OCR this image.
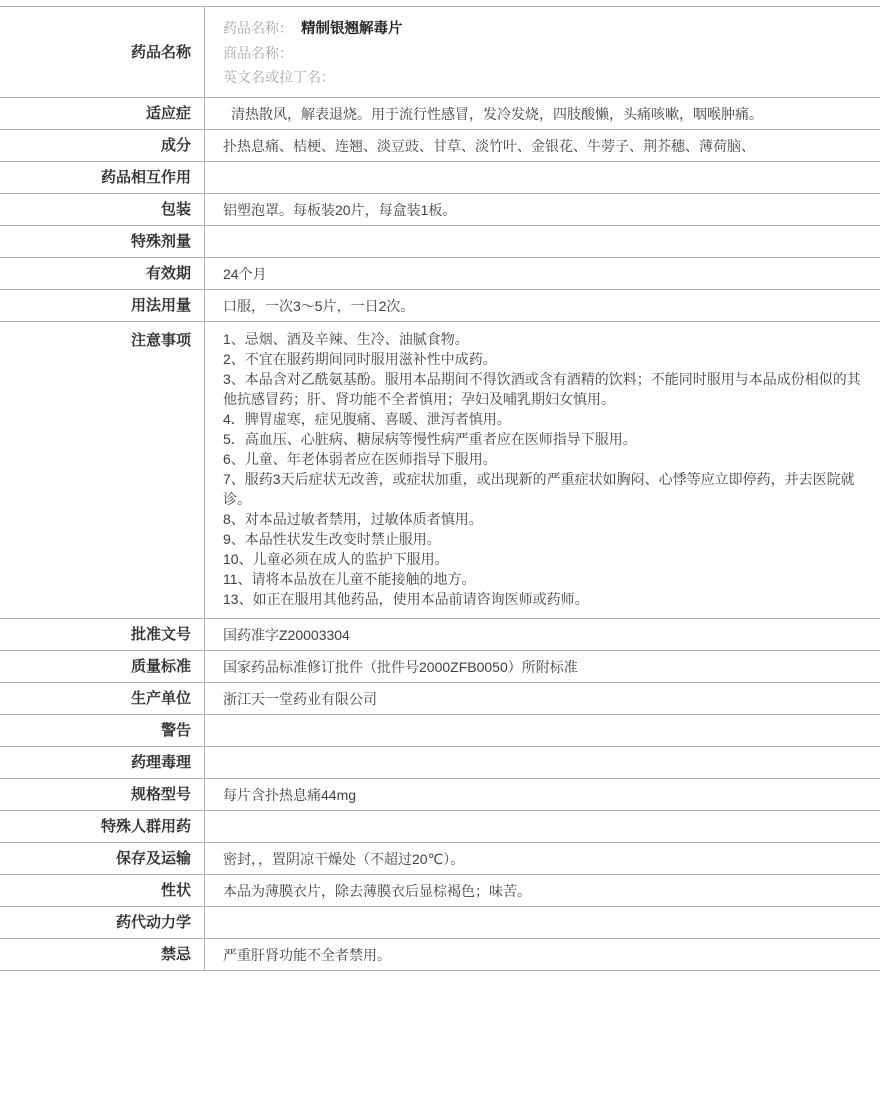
药品名称
药品名称： 精制银翘解毒片
商品名称：
英文名或拉丁名：
适应症	清热散风，解表退烧。用于流行性感冒，发冷发烧，四肢酸懒，头痛咳嗽，咽喉肿痛。
成分	扑热息痛、桔梗、连翘、淡豆豉、甘草、淡竹叶、金银花、牛蒡子、荆芥穗、薄荷脑、
药品相互作用
包装	铝塑泡罩。每板装20片，每盒装1板。
特殊剂量
有效期	24个月
用法用量	口服，一次3～5片，一日2次。
注意事项	1、忌烟、酒及辛辣、生冷、油腻食物。
2、不宜在服药期间同时服用滋补性中成药。
3、本品含对乙酰氨基酚。服用本品期间不得饮酒或含有酒精的饮料；不能同时服用与本品成份相似的其他抗感冒药；肝、肾功能不全者慎用；孕妇及哺乳期妇女慎用。
4．脾胃虚寒，症见腹痛、喜暖、泄泻者慎用。
5．高血压、心脏病、糖尿病等慢性病严重者应在医师指导下服用。
6、儿童、年老体弱者应在医师指导下服用。
7、服药3天后症状无改善，或症状加重，或出现新的严重症状如胸闷、心悸等应立即停药，并去医院就诊。
8、对本品过敏者禁用，过敏体质者慎用。
9、本品性状发生改变时禁止服用。
10、儿童必须在成人的监护下服用。
11、请将本品放在儿童不能接触的地方。
13、如正在服用其他药品，使用本品前请咨询医师或药师。
批准文号	国药准字Z20003304
质量标准	国家药品标准修订批件（批件号2000ZFB0050）所附标准
生产单位	浙江天一堂药业有限公司
警告
药理毒理
规格型号	每片含扑热息痛44mg
特殊人群用药
保存及运输	密封，，置阴凉干燥处（不超过20℃）。
性状	本品为薄膜衣片，除去薄膜衣后显棕褐色；味苦。
药代动力学
禁忌	严重肝肾功能不全者禁用。
